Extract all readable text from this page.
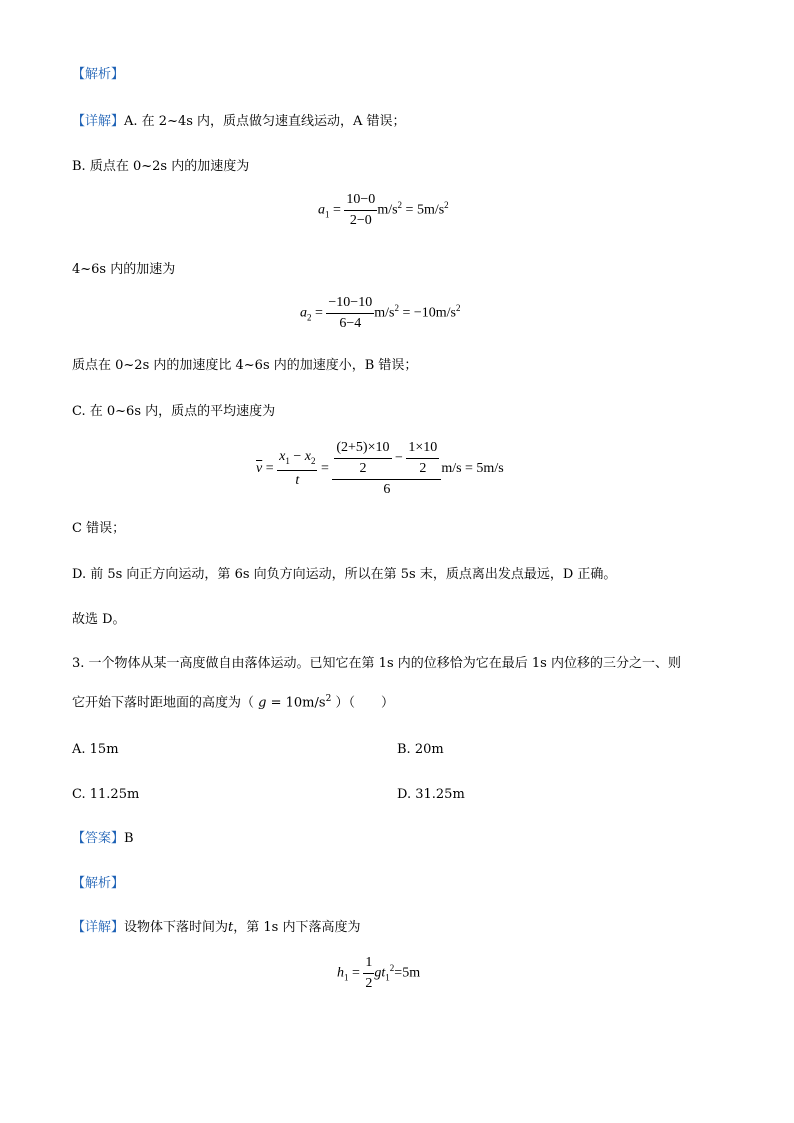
【解析】
【详解】A. 在 2~4s 内，质点做匀速直线运动，A 错误；
B. 质点在 0~2s 内的加速度为
$a_1 = \frac{10-0}{2-0} m/s^2 = 5m/s^2$
4~6s 内的加速为
$a_2 = \frac{-10-10}{6-4} m/s^2 = -10m/s^2$
质点在 0~2s 内的加速度比 4~6s 内的加速度小，B 错误；
C. 在 0~6s 内，质点的平均速度为
$\overline{v} = \frac{x_1 - x_2}{t} = \frac{\frac{(2+5)\times 10}{2} - \frac{1\times 10}{2}}{6} m/s = 5m/s$
C 错误；
D. 前 5s 向正方向运动，第 6s 向负方向运动，所以在第 5s 末，质点离出发点最远，D 正确。
故选 D。
3. 一个物体从某一高度做自由落体运动。已知它在第 1s 内的位移恰为它在最后 1s 内位移的三分之一、则
它开始下落时距地面的高度为（ $g = 10m/s^2$ ）（　　）
A. 15m	B. 20m
C. 11.25m	D. 31.25m
【答案】B
【解析】
【详解】设物体下落时间为t，第 1s 内下落高度为
$h_1 = \frac{1}{2} gt_1^2=5m$
